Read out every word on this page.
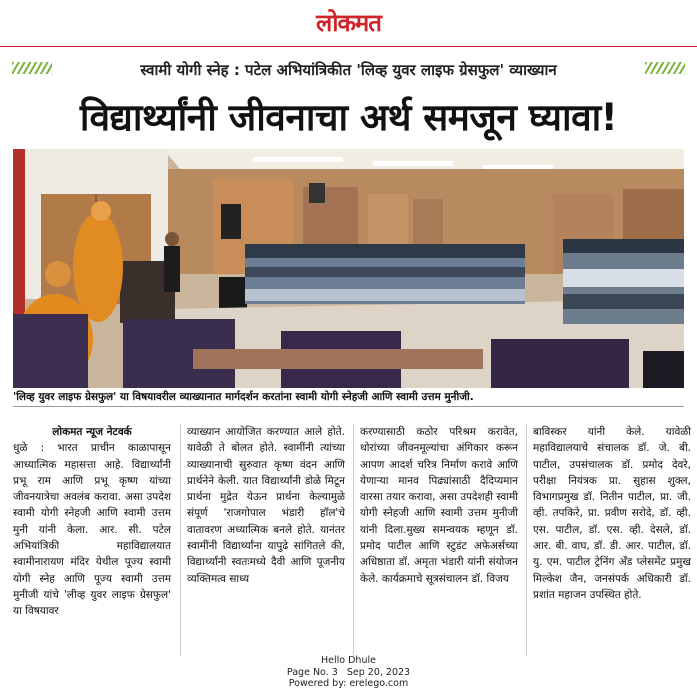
लोकमत
स्वामी योगी स्नेह : पटेल अभियांत्रिकीत 'लिव्ह युवर लाइफ ग्रेसफुल' व्याख्यान
विद्यार्थ्यांनी जीवनाचा अर्थ समजून घ्यावा!
'लिव्ह युवर लाइफ ग्रेसफुल' या विषयावरील व्याख्यानात मार्गदर्शन करतांना स्वामी योगी स्नेहजी आणि स्वामी उत्तम मुनीजी.
लोकमत न्यूज नेटवर्क

धुळे : भारत प्राचीन काळापासून आध्यात्मिक महासत्ता आहे. विद्यार्थ्यांनी प्रभू राम आणि प्रभू कृष्ण यांच्या जीवनयात्रेचा अवलंब करावा. असा उपदेश स्वामी योगी स्नेहजी आणि स्वामी उत्तम मुनी यांनी केला. आर. सी. पटेल अभियांत्रिकी महाविद्यालयात स्वामीनारायण मंदिर येथील पूज्य स्वामी योगी स्नेह आणि पूज्य स्वामी उत्तम मुनीजी यांचे 'लीव्ह युवर लाइफ ग्रेसफुल' या विषयावर

व्याख्यान आयोजित करण्यात आले होते. यावेळी ते बोलत होते. स्वामींनी त्यांच्या व्याख्यानाची सुरुवात कृष्ण वंदन आणि प्रार्थनेने केली. यात विद्यार्थ्यांनी डोळे मिटून प्रार्थना मुद्रेत येऊन प्रार्थना केल्यामुळे संपूर्ण 'राजगोपाल भंडारी हॉल'चे वातावरण अध्यात्मिक बनले होते. यानंतर स्वामींनी विद्यार्थ्यांना यापुढे सांगितले की, विद्यार्थ्यांनी स्वतःमध्ये दैवी आणि पूजनीय व्यक्तिमत्व साध्य

करण्यासाठी कठोर परिश्रम करावेत, थोरांच्या जीवनमूल्यांचा अंगिकार करून आपण आदर्श चरित्र निर्माण करावे आणि येणाऱ्या मानव पिढ्यांसाठी दैदिप्यमान वारसा तयार करावा, असा उपदेशही स्वामी योगी स्नेहजी आणि स्वामी उत्तम मुनीजी यांनी दिला.मुख्य समन्वयक म्हणून डॉ. प्रमोद पाटील आणि स्टुडंट अफेअर्सच्या अधिष्ठाता डॉ. अमृता भंडारी यांनी संयोजन केले. कार्यक्रमाचे सूत्रसंचालन डॉ. विजय

बाविस्कर यांनी केले. यावेळी महाविद्यालयाचे संचालक डॉ. जे. बी. पाटील, उपसंचालक डॉ. प्रमोद देवरे, परीक्षा नियंत्रक प्रा. सुहास शुक्ल, विभागप्रमुख डॉ. नितीन पाटील, प्रा. जी. व्ही. तपकिरे, प्रा. प्रवीण सरोदे, डॉ. व्ही. एस. पाटील, डॉ. एस. व्ही. देसले, डॉ. आर. बी. वाघ, डॉ. डी. आर. पाटील, डॉ. यु. एम. पाटील ट्रेनिंग अँड प्लेसमेंट प्रमुख मिल्केश जैन, जनसंपर्क अधिकारी डॉ. प्रशांत महाजन उपस्थित होते.

Hello Dhule
Page No. 3 Sep 20, 2023
Powered by: erelego.com
